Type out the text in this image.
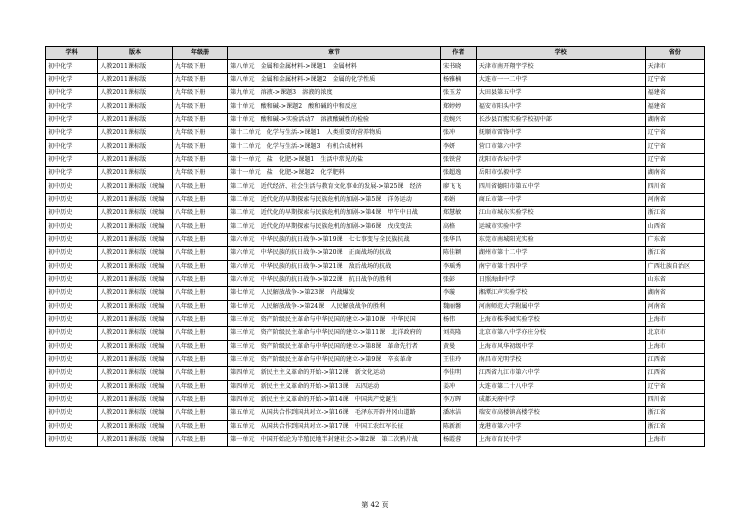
学科	版本	年级册	章节	作者	学校	省份
初中化学	人教2011课标版	九年级下册	第八单元　金属和金属材料->课题1　金属材料	宋书晓	天津市南开翔宇学校	天津市
初中化学	人教2011课标版	九年级下册	第八单元　金属和金属材料->课题2　金属的化学性质	杨雅楠	大连市一一二中学	辽宁省
初中化学	人教2011课标版	九年级下册	第九单元　溶液->课题3　溶液的浓度	张玉芳	大田县第五中学	福建省
初中化学	人教2011课标版	九年级下册	第十单元　酸和碱->课题2　酸和碱的中和反应	郑婷婷	福安市阳头中学	福建省
初中化学	人教2011课标版	九年级下册	第十单元　酸和碱->实验活动7　溶液酸碱性的检验	范婉兴	长沙县百熙实验学校初中部	湖南省
初中化学	人教2011课标版	九年级下册	第十二单元　化学与生活->课题1　人类重要的营养物质	张冲	抚顺市雷锋中学	辽宁省
初中化学	人教2011课标版	九年级下册	第十二单元　化学与生活->课题3　有机合成材料	李妍	营口市第六中学	辽宁省
初中化学	人教2011课标版	九年级下册	第十一单元　盐　化肥->课题1　生活中常见的盐	张铁营	沈阳市杏坛中学	辽宁省
初中化学	人教2011课标版	九年级下册	第十一单元　盐　化肥->课题2　化学肥料	张超逸	岳阳市弘毅中学	湖南省
初中历史	人教2011课标版（统编	八年级上册	第二单元　近代经济、社会生活与教育文化事业的发展->第25课　经济	廖飞飞	四川省德阳市第五中学	四川省
初中历史	人教2011课标版（统编	八年级上册	第二单元　近代化的早期探索与民族危机的加剧->第5课　洋务运动	邓娟	商丘市第一中学	河南省
初中历史	人教2011课标版（统编	八年级上册	第二单元　近代化的早期探索与民族危机的加剧->第4课　甲午中日战	郑慧敏	江山市城东实验学校	浙江省
初中历史	人教2011课标版（统编	八年级上册	第二单元　近代化的早期探索与民族危机的加剧->第6课　戊戌变法	高格	运城市实验中学	山西省
初中历史	人教2011课标版（统编	八年级上册	第六单元　中华民族的抗日战争->第19课　七七事变与全民族抗战	张华昌	东莞市南城阳光实验	广东省
初中历史	人教2011课标版（统编	八年级上册	第六单元　中华民族的抗日战争->第20课　正面战场的抗战	陈佳颖	湖州市第十二中学	浙江省
初中历史	人教2011课标版（统编	八年级上册	第六单元　中华民族的抗日战争->第21课　敌后战场的抗战	李瑶秀	南宁市第十四中学	广西壮族自治区
初中历史	人教2011课标版（统编	八年级上册	第六单元　中华民族的抗日战争->第22课　抗日战争的胜利	张彭	日照海曲中学	山东省
初中历史	人教2011课标版（统编	八年级上册	第七单元　人民解放战争->第23课　内战爆发	李璇	湘潭江声实验学校	湖南省
初中历史	人教2011课标版（统编	八年级上册	第七单元　人民解放战争->第24课　人民解放战争的胜利	魏丽馨	河南师范大学附属中学	河南省
初中历史	人教2011课标版（统编	八年级上册	第三单元　资产阶级民主革命与中华民国的建立->第10课　中华民国	杨伟	上海市株季园实验学校	上海市
初中历史	人教2011课标版（统编	八年级上册	第三单元　资产阶级民主革命与中华民国的建立->第11课　北洋政府的	刘英隆	北京市第八中学亦庄分校	北京市
初中历史	人教2011课标版（统编	八年级上册	第三单元　资产阶级民主革命与中华民国的建立->第8课　革命先行者	黄曼	上海市风华初级中学	上海市
初中历史	人教2011课标版（统编	八年级上册	第三单元　资产阶级民主革命与中华民国的建立->第9课　辛亥革命	王佳玲	南昌市光明学校	江西省
初中历史	人教2011课标版（统编	八年级上册	第四单元　新民主主义革命的开始->第12课　新文化运动	李佳明	江西省九江市第六中学	江西省
初中历史	人教2011课标版（统编	八年级上册	第四单元　新民主主义革命的开始->第13课　五四运动	姜冲	大连市第二十八中学	辽宁省
初中历史	人教2011课标版（统编	八年级上册	第四单元　新民主主义革命的开始->第14课　中国共产党诞生	李万晖	成都天府中学	四川省
初中历史	人教2011课标版（统编	八年级上册	第五单元　从国共合作到国共对立->第16课　毛泽东开辟井冈山道路	潘冰洁	瑞安市高楼镇高楼学校	浙江省
初中历史	人教2011课标版（统编	八年级上册	第五单元　从国共合作到国共对立->第17课　中国工农红军长征	陈新新	龙港市第六中学	浙江省
初中历史	人教2011课标版（统编	八年级上册	第一单元　中国开始沦为半殖民地半封建社会->第2课　第二次鸦片战	杨霞蓉	上海市育民中学	上海市
第 42 页
